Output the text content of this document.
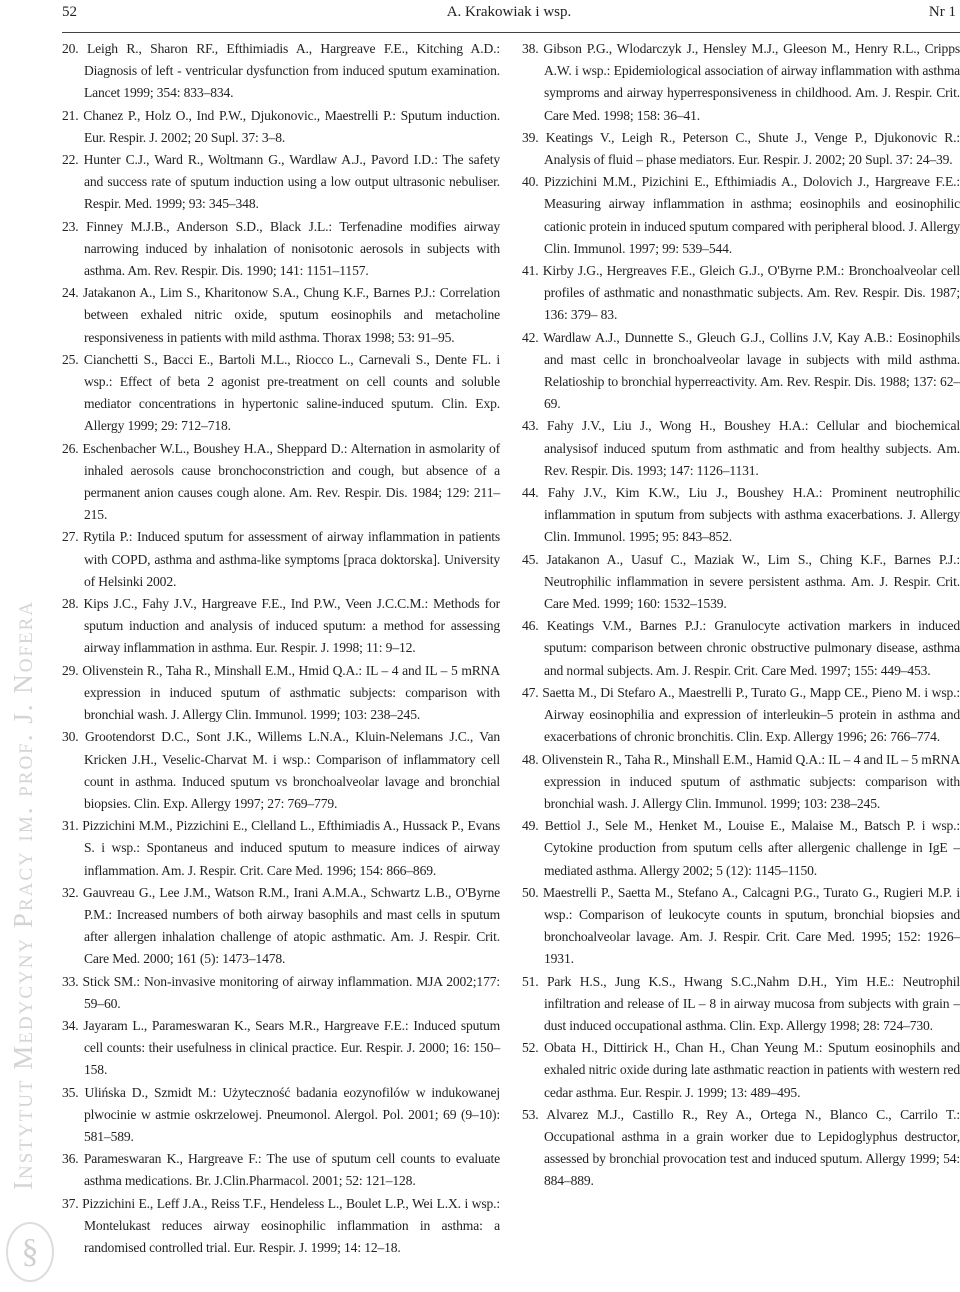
52	A. Krakowiak i wsp.	Nr 1
Instytut Medycyny Pracy im. prof. J. Nofera
§

20. Leigh R., Sharon RF., Efthimiadis A., Hargreave F.E., Kitching A.D.: Diagnosis of left - ventricular dysfunction from induced sputum examination. Lancet 1999; 354: 833–834.

21. Chanez P., Holz O., Ind P.W., Djukonovic., Maestrelli P.: Sputum induction. Eur. Respir. J. 2002; 20 Supl. 37: 3–8.

22. Hunter C.J., Ward R., Woltmann G., Wardlaw A.J., Pavord I.D.: The safety and success rate of sputum induction using a low output ultrasonic nebuliser. Respir. Med. 1999; 93: 345–348.

23. Finney M.J.B., Anderson S.D., Black J.L.: Terfenadine modifies airway narrowing induced by inhalation of nonisotonic aerosols in subjects with asthma. Am. Rev. Respir. Dis. 1990; 141: 1151–1157.

24. Jatakanon A., Lim S., Kharitonow S.A., Chung K.F., Barnes P.J.: Correlation between exhaled nitric oxide, sputum eosinophils and metacholine responsiveness in patients with mild asthma. Thorax 1998; 53: 91–95.

25. Cianchetti S., Bacci E., Bartoli M.L., Riocco L., Carnevali S., Dente FL. i wsp.: Effect of beta 2 agonist pre-treatment on cell counts and soluble mediator concentrations in hypertonic saline-induced sputum. Clin. Exp. Allergy 1999; 29: 712–718.

26. Eschenbacher W.L., Boushey H.A., Sheppard D.: Alternation in asmolarity of inhaled aerosols cause bronchoconstriction and cough, but absence of a permanent anion causes cough alone. Am. Rev. Respir. Dis. 1984; 129: 211–215.

27. Rytila P.: Induced sputum for assessment of airway inflammation in patients with COPD, asthma and asthma-like symptoms [praca doktorska]. University of Helsinki 2002.

28. Kips J.C., Fahy J.V., Hargreave F.E., Ind P.W., Veen J.C.C.M.: Methods for sputum induction and analysis of induced sputum: a method for assessing airway inflammation in asthma. Eur. Respir. J. 1998; 11: 9–12.

29. Olivenstein R., Taha R., Minshall E.M., Hmid Q.A.: IL – 4 and IL – 5 mRNA expression in induced sputum of asthmatic subjects: comparison with bronchial wash. J. Allergy Clin. Immunol. 1999; 103: 238–245.

30. Grootendorst D.C., Sont J.K., Willems L.N.A., Kluin-Nelemans J.C., Van Kricken J.H., Veselic-Charvat M. i wsp.: Comparison of inflammatory cell count in asthma. Induced sputum vs bronchoalveolar lavage and bronchial biopsies. Clin. Exp. Allergy 1997; 27: 769–779.

31. Pizzichini M.M., Pizzichini E., Clelland L., Efthimiadis A., Hussack P., Evans S. i wsp.: Spontaneus and induced sputum to measure indices of airway inflammation. Am. J. Respir. Crit. Care Med. 1996; 154: 866–869.

32. Gauvreau G., Lee J.M., Watson R.M., Irani A.M.A., Schwartz L.B., O'Byrne P.M.: Increased numbers of both airway basophils and mast cells in sputum after allergen inhalation challenge of atopic asthmatic. Am. J. Respir. Crit. Care Med. 2000; 161 (5): 1473–1478.

33. Stick SM.: Non-invasive monitoring of airway inflammation. MJA 2002;177: 59–60.

34. Jayaram L., Parameswaran K., Sears M.R., Hargreave F.E.: Induced sputum cell counts: their usefulness in clinical practice. Eur. Respir. J. 2000; 16: 150–158.

35. Ulińska D., Szmidt M.: Użyteczność badania eozynofilów w indukowanej plwocinie w astmie oskrzelowej. Pneumonol. Alergol. Pol. 2001; 69 (9–10): 581–589.

36. Parameswaran K., Hargreave F.: The use of sputum cell counts to evaluate asthma medications. Br. J.Clin.Pharmacol. 2001; 52: 121–128.

37. Pizzichini E., Leff J.A., Reiss T.F., Hendeless L., Boulet L.P., Wei L.X. i wsp.: Montelukast reduces airway eosinophilic inflammation in asthma: a randomised controlled trial. Eur. Respir. J. 1999; 14: 12–18.

38. Gibson P.G., Wlodarczyk J., Hensley M.J., Gleeson M., Henry R.L., Cripps A.W. i wsp.: Epidemiological association of airway inflammation with asthma symproms and airway hyperresponsiveness in childhood. Am. J. Respir. Crit. Care Med. 1998; 158: 36–41.

39. Keatings V., Leigh R., Peterson C., Shute J., Venge P., Djukonovic R.: Analysis of fluid – phase mediators. Eur. Respir. J. 2002; 20 Supl. 37: 24–39.

40. Pizzichini M.M., Pizichini E., Efthimiadis A., Dolovich J., Hargreave F.E.: Measuring airway inflammation in asthma; eosinophils and eosinophilic cationic protein in induced sputum compared with peripheral blood. J. Allergy Clin. Immunol. 1997; 99: 539–544.

41. Kirby J.G., Hergreaves F.E., Gleich G.J., O'Byrne P.M.: Bronchoalveolar cell profiles of asthmatic and nonasthmatic subjects. Am. Rev. Respir. Dis. 1987; 136: 379– 83.

42. Wardlaw A.J., Dunnette S., Gleuch G.J., Collins J.V, Kay A.B.: Eosinophils and mast cellc in bronchoalveolar lavage in subjects with mild asthma. Relatioship to bronchial hyperreactivity. Am. Rev. Respir. Dis. 1988; 137: 62–69.

43. Fahy J.V., Liu J., Wong H., Boushey H.A.: Cellular and biochemical analysisof induced sputum from asthmatic and from healthy subjects. Am. Rev. Respir. Dis. 1993; 147: 1126–1131.

44. Fahy J.V., Kim K.W., Liu J., Boushey H.A.: Prominent neutrophilic inflammation in sputum from subjects with asthma exacerbations. J. Allergy Clin. Immunol. 1995; 95: 843–852.

45. Jatakanon A., Uasuf C., Maziak W., Lim S., Ching K.F., Barnes P.J.: Neutrophilic inflammation in severe persistent asthma. Am. J. Respir. Crit. Care Med. 1999; 160: 1532–1539.

46. Keatings V.M., Barnes P.J.: Granulocyte activation markers in induced sputum: comparison between chronic obstructive pulmonary disease, asthma and normal subjects. Am. J. Respir. Crit. Care Med. 1997; 155: 449–453.

47. Saetta M., Di Stefaro A., Maestrelli P., Turato G., Mapp CE., Pieno M. i wsp.: Airway eosinophilia and expression of interleukin–5 protein in asthma and exacerbations of chronic bronchitis. Clin. Exp. Allergy 1996; 26: 766–774.

48. Olivenstein R., Taha R., Minshall E.M., Hamid Q.A.: IL – 4 and IL – 5 mRNA expression in induced sputum of asthmatic subjects: comparison with bronchial wash. J. Allergy Clin. Immunol. 1999; 103: 238–245.

49. Bettiol J., Sele M., Henket M., Louise E., Malaise M., Batsch P. i wsp.: Cytokine production from sputum cells after allergenic challenge in IgE – mediated asthma. Allergy 2002; 5 (12): 1145–1150.

50. Maestrelli P., Saetta M., Stefano A., Calcagni P.G., Turato G., Rugieri M.P. i wsp.: Comparison of leukocyte counts in sputum, bronchial biopsies and bronchoalveolar lavage. Am. J. Respir. Crit. Care Med. 1995; 152: 1926–1931.

51. Park H.S., Jung K.S., Hwang S.C.,Nahm D.H., Yim H.E.: Neutrophil infiltration and release of IL – 8 in airway mucosa from subjects with grain – dust induced occupational asthma. Clin. Exp. Allergy 1998; 28: 724–730.

52. Obata H., Dittirick H., Chan H., Chan Yeung M.: Sputum eosinophils and exhaled nitric oxide during late asthmatic reaction in patients with western red cedar asthma. Eur. Respir. J. 1999; 13: 489–495.

53. Alvarez M.J., Castillo R., Rey A., Ortega N., Blanco C., Carrilo T.: Occupational asthma in a grain worker due to Lepidoglyphus destructor, assessed by bronchial provocation test and induced sputum. Allergy 1999; 54: 884–889.
